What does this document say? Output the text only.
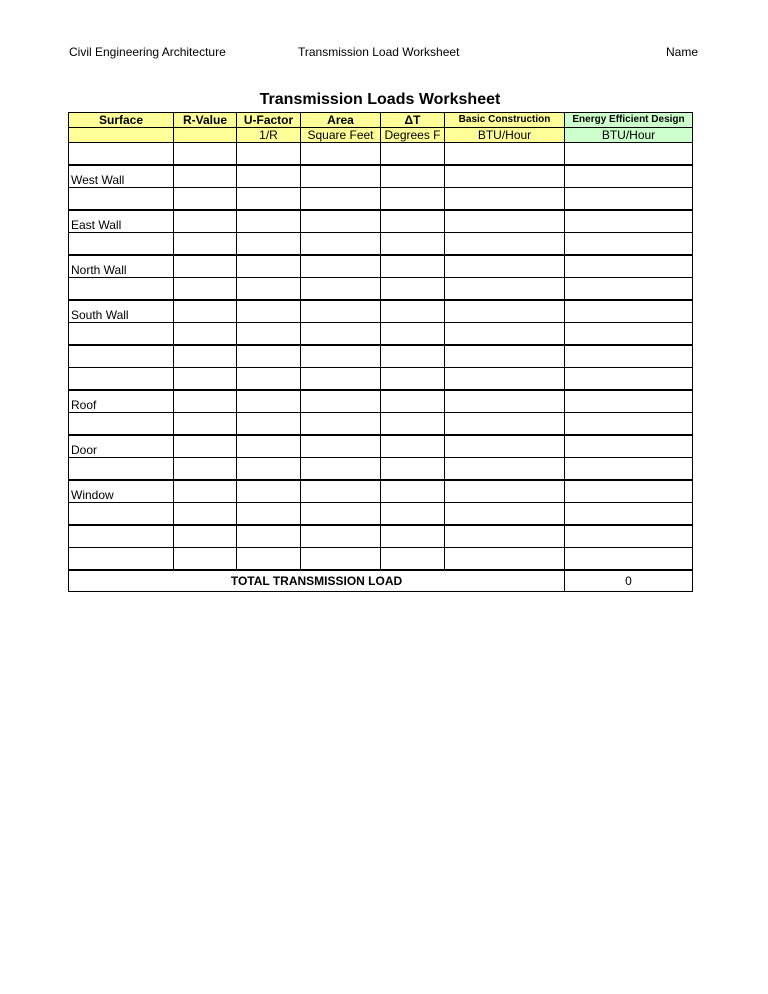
Civil Engineering Architecture	Transmission Load Worksheet	Name
Transmission Loads Worksheet
Surface	R-Value	U-Factor	Area	ΔT	Basic Construction	Energy Efficient Design
		1/R	Square Feet	Degrees F	BTU/Hour	BTU/Hour

West Wall						

East Wall						

North Wall						

South Wall						

Roof						

Door						

Window						

TOTAL TRANSMISSION LOAD						0
